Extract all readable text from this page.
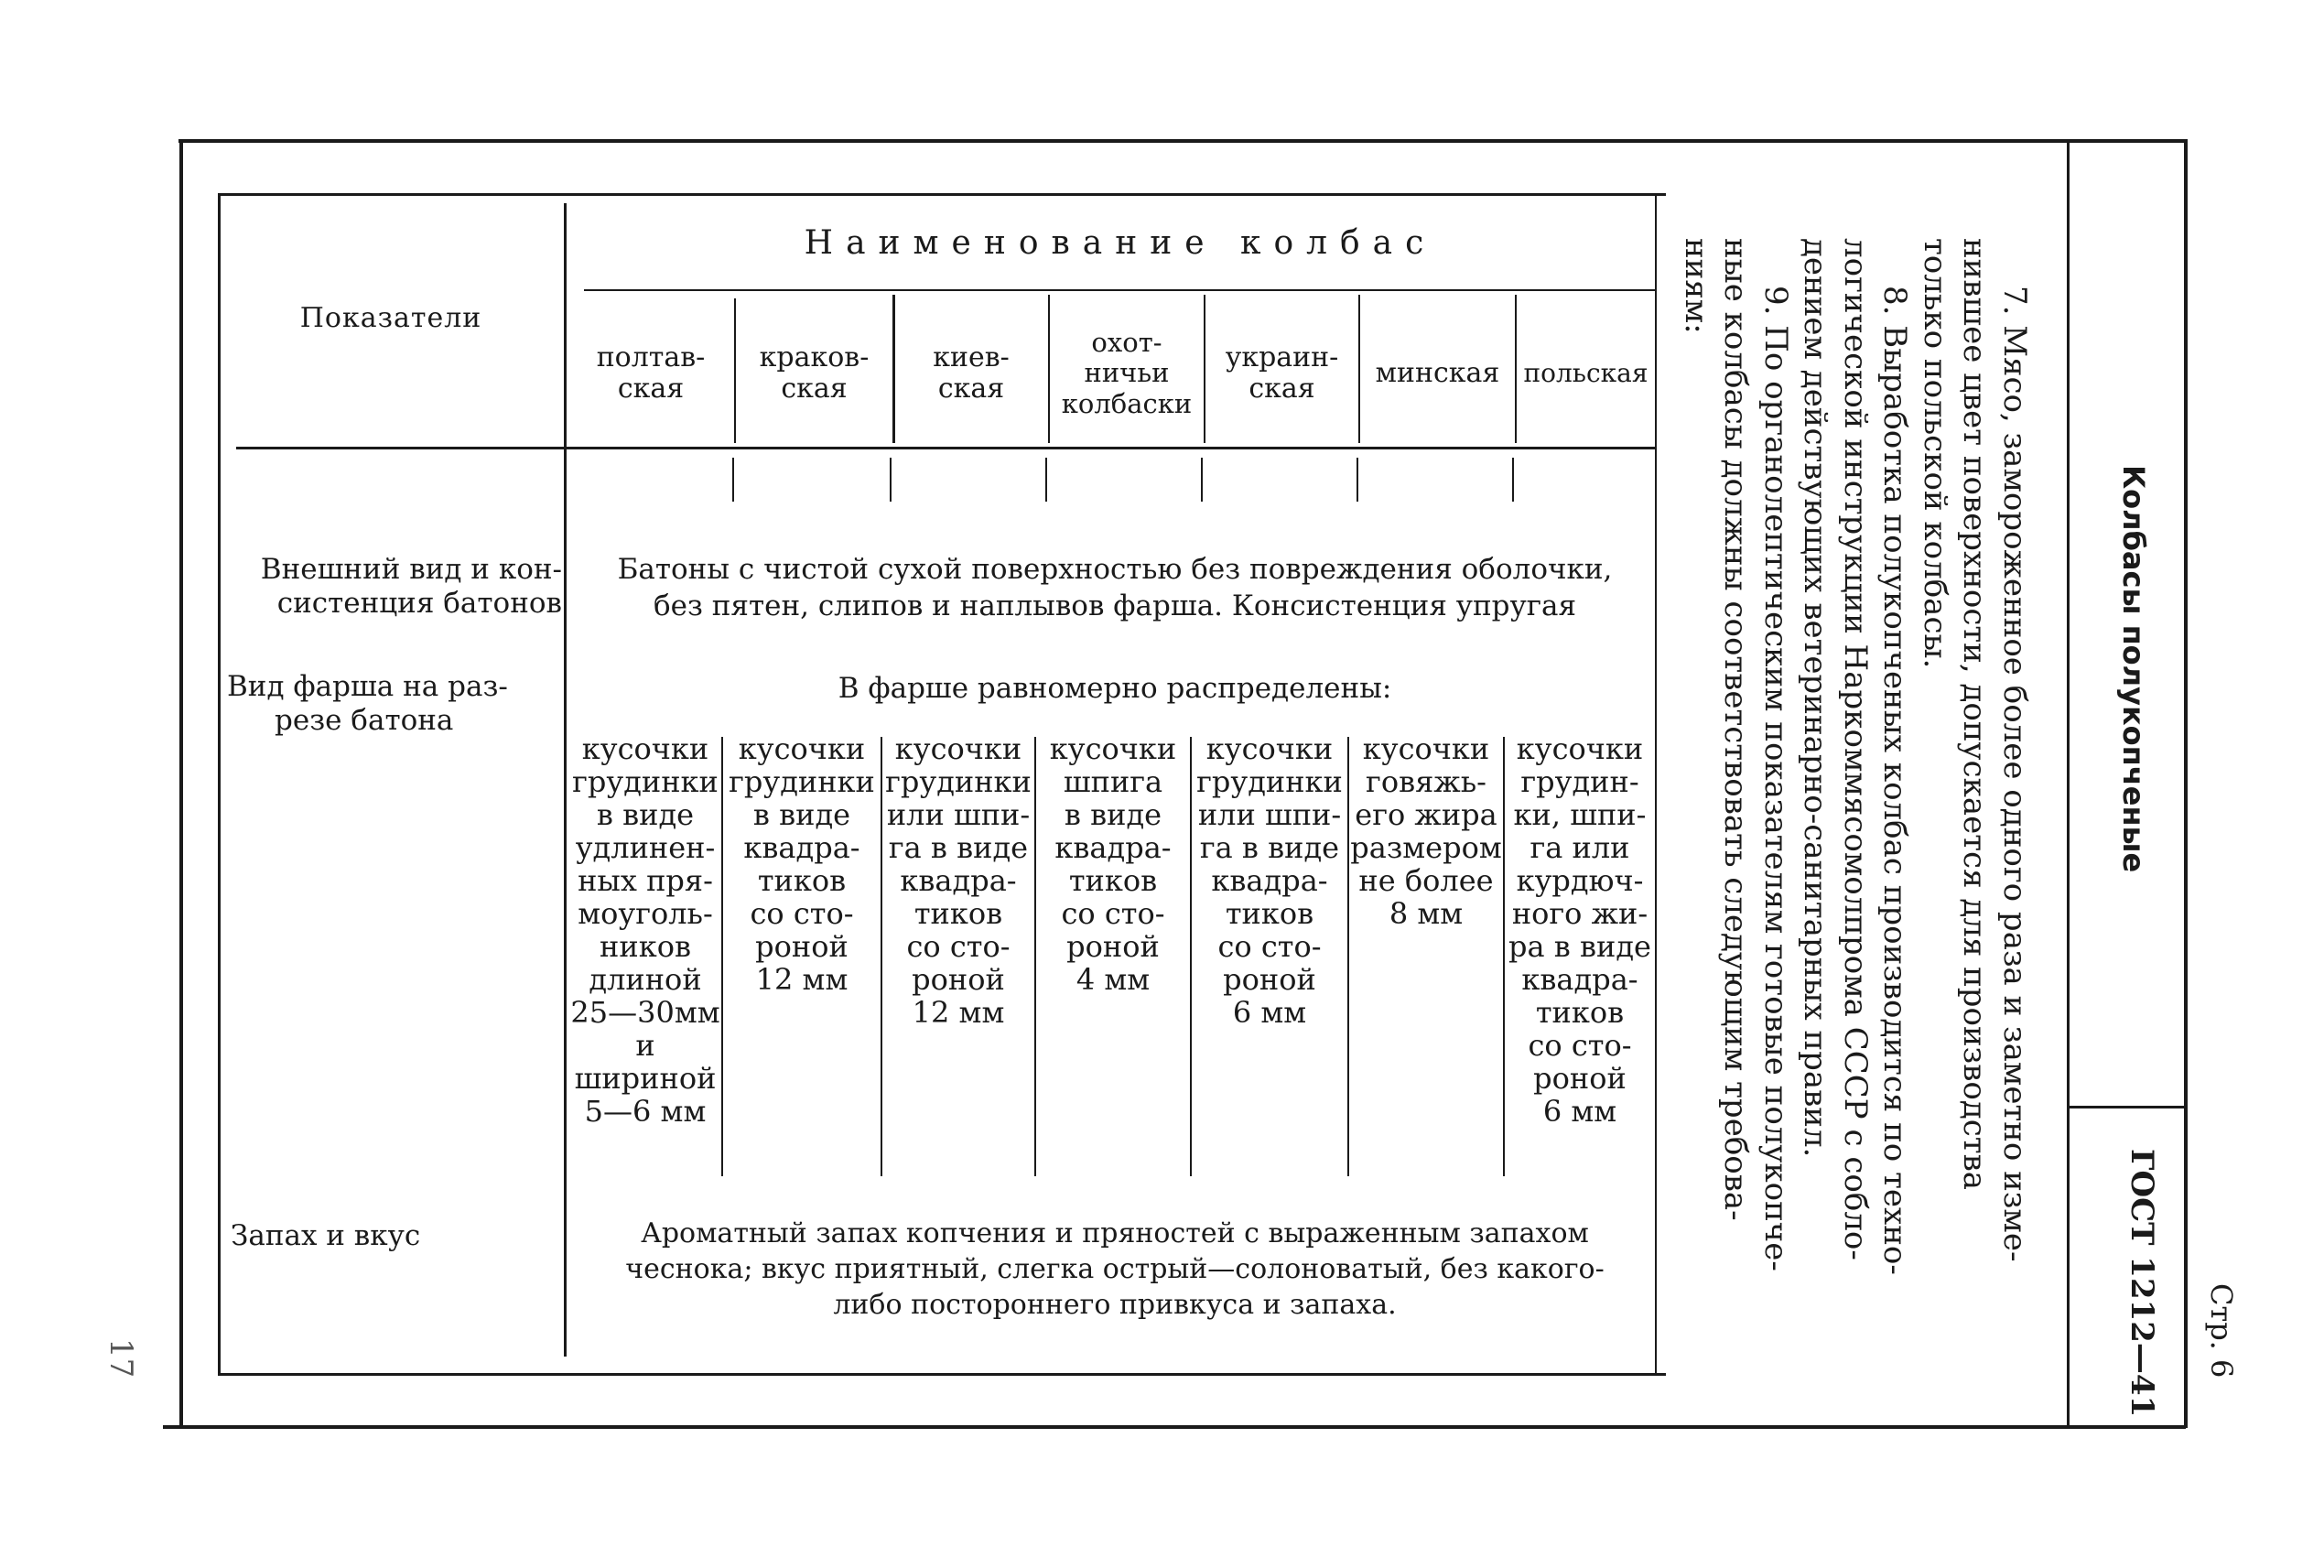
Показатели
Наименование колбас
полтав-
ская
краков-
ская
киев-
ская
охот-
ничьи
колбаски
украин-
ская	минская польская
Внешний вид и кон-
систенция батонов
Батоны с чистой сухой поверхностью без повреждения оболочки,
без пятен, слипов и наплывов фарша. Консистенция упругая
Вид фарша на раз-
резе батона
В фарше равномерно распределены:
кусочки
грудинки
в виде
удлинен-
ных пря-
моуголь-
ников
длиной
25—30мм
и
шириной
5—6 мм
кусочки
грудинки
в виде
квадра-
тиков
со сто-
роной
12 мм
кусочки
грудинки
или шпи-
га в виде
квадра-
тиков
со сто-
роной
12 мм
кусочки
шпига
в виде
квадра-
тиков
со сто-
роной
4 мм
кусочки
грудинки
или шпи-
га в виде
квадра-
тиков
со сто-
роной
6 мм
кусочки
говяжь-
его жира
размером
не более
8 мм
кусочки
грудин-
ки, шпи-
га или
курдюч-
ного жи-
ра в виде
квадра-
тиков
со сто-
роной
6 мм
Запах и вкус	Ароматный запах копчения и пряностей с выраженным запахом
чеснока; вкус приятный, слегка острый—солоноватый, без какого-
либо постороннего привкуса и запаха.
7. Мясо, замороженное более одного раза и заметно изме-
нившее цвет поверхности, допускается для производства
только польской колбасы.
8. Выработка полукопченых колбас производится по техно-
логической инструкции Наркоммясомолпрома СССР с собло-
дением действующих ветеринарно-санитарных правил.
9. По органолептическим показателям готовые полукопче-
ные колбасы должны соответствовать следующим требова-
ниям:
Колбасы полукопченые
ГОСТ 1212—41 Стр. 6
17
